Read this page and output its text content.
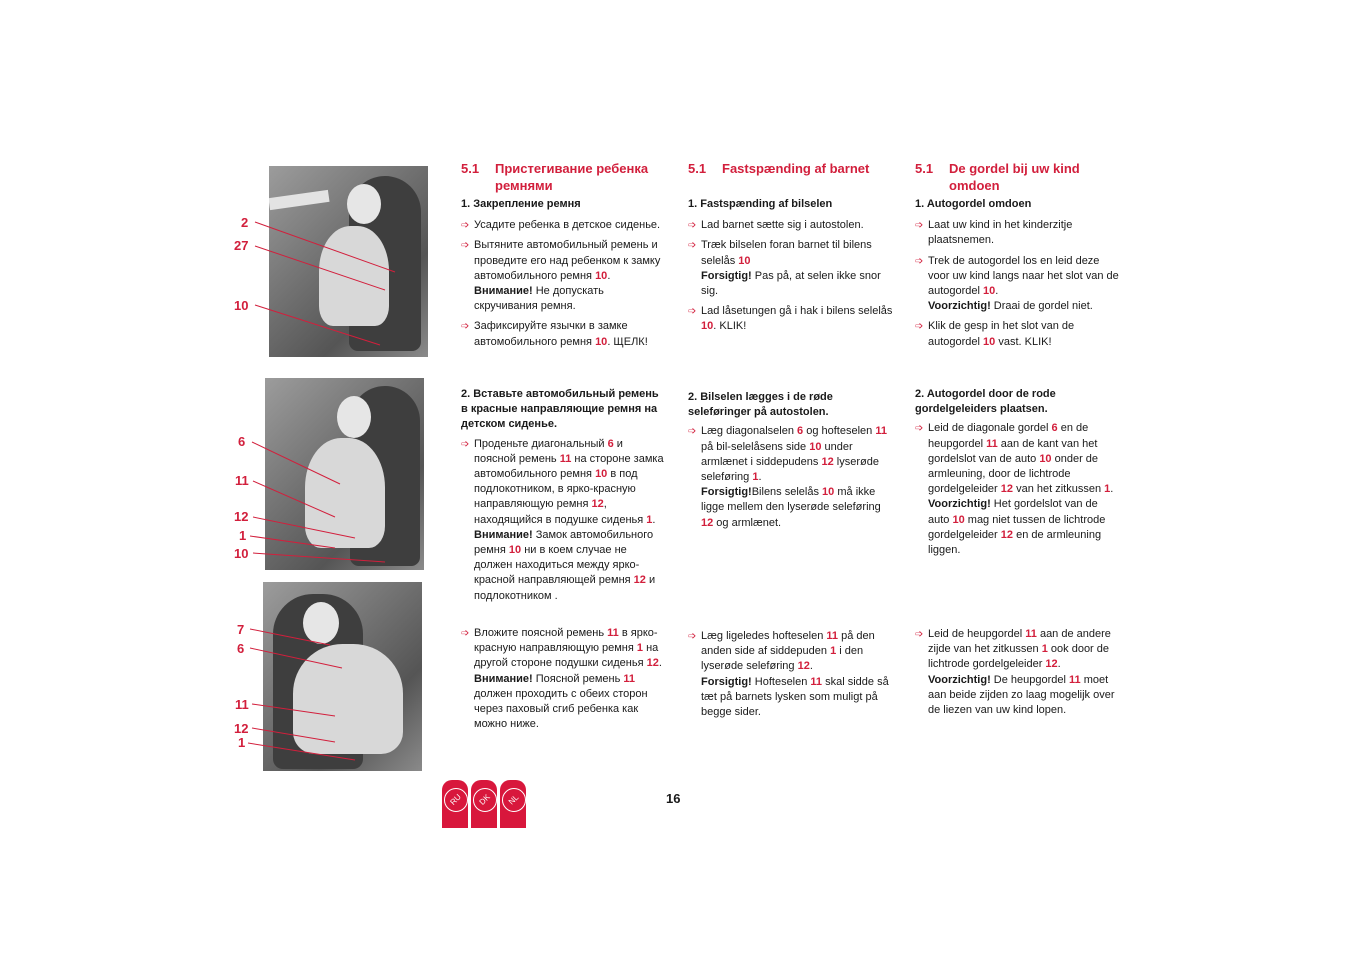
2
27
10
6
11
12
1
10
7
6
11
12
1
5.1	Пристегивание ребенка ремнями
1. Закрепление ремня
➩ Усадите ребенка в детское сиденье.
➩ Вытяните автомобильный ремень и проведите его над ребенком к замку автомобильного ремня 10.
Внимание! Не допускать скручивания ремня.
➩ Зафиксируйте язычки в замке автомобильного ремня 10. ЩЕЛК!
2. Вставьте автомобильный ремень в красные направляющие ремня на детском сиденье.
➩ Проденьте диагональный 6 и поясной ремень 11 на стороне замка автомобильного ремня 10 в под подлокотником, в ярко-красную направляющую ремня 12, находящийся в подушке сиденья 1.
Внимание! Замок автомобильного ремня 10 ни в коем случае не должен находиться между ярко-красной направляющей ремня 12 и подлокотником .
➩ Вложите поясной ремень 11 в ярко-красную направляющую ремня 1 на другой стороне подушки сиденья 12.
Внимание! Поясной ремень 11 должен проходить с обеих сторон через паховый сгиб ребенка как можно ниже.
5.1	Fastspænding af barnet
1. Fastspænding af bilselen
➩ Lad barnet sætte sig i autostolen.
➩ Træk bilselen foran barnet til bilens selelås 10
Forsigtig! Pas på, at selen ikke snor sig.
➩ Lad låsetungen gå i hak i bilens selelås 10. KLIK!
2. Bilselen lægges i de røde seleføringer på autostolen.
➩ Læg diagonalselen 6 og hofteselen 11 på bil-selelåsens side 10 under armlænet i siddepudens 12 lyserøde seleføring 1.
Forsigtig!Bilens selelås 10 må ikke ligge mellem den lyserøde seleføring 12 og armlænet.
➩ Læg ligeledes hofteselen 11 på den anden side af siddepuden 1 i den lyserøde seleføring 12.
Forsigtig! Hofteselen 11 skal sidde så tæt på barnets lysken som muligt på begge sider.
5.1	De gordel bij uw kind omdoen
1. Autogordel omdoen
➩ Laat uw kind in het kinderzitje plaatsnemen.
➩ Trek de autogordel los en leid deze voor uw kind langs naar het slot van de autogordel 10.
Voorzichtig! Draai de gordel niet.
➩ Klik de gesp in het slot van de autogordel 10 vast. KLIK!
2. Autogordel door de rode gordelgeleiders plaatsen.
➩ Leid de diagonale gordel 6 en de heupgordel 11 aan de kant van het gordelslot van de auto 10 onder de armleuning, door de lichtrode gordelgeleider 12 van het zitkussen 1.
Voorzichtig! Het gordelslot van de auto 10 mag niet tussen de lichtrode gordelgeleider 12 en de armleuning liggen.
➩ Leid de heupgordel 11 aan de andere zijde van het zitkussen 1 ook door de lichtrode gordelgeleider 12.
Voorzichtig! De heupgordel 11 moet aan beide zijden zo laag mogelijk over de liezen van uw kind lopen.
RU	DK	NL	16
